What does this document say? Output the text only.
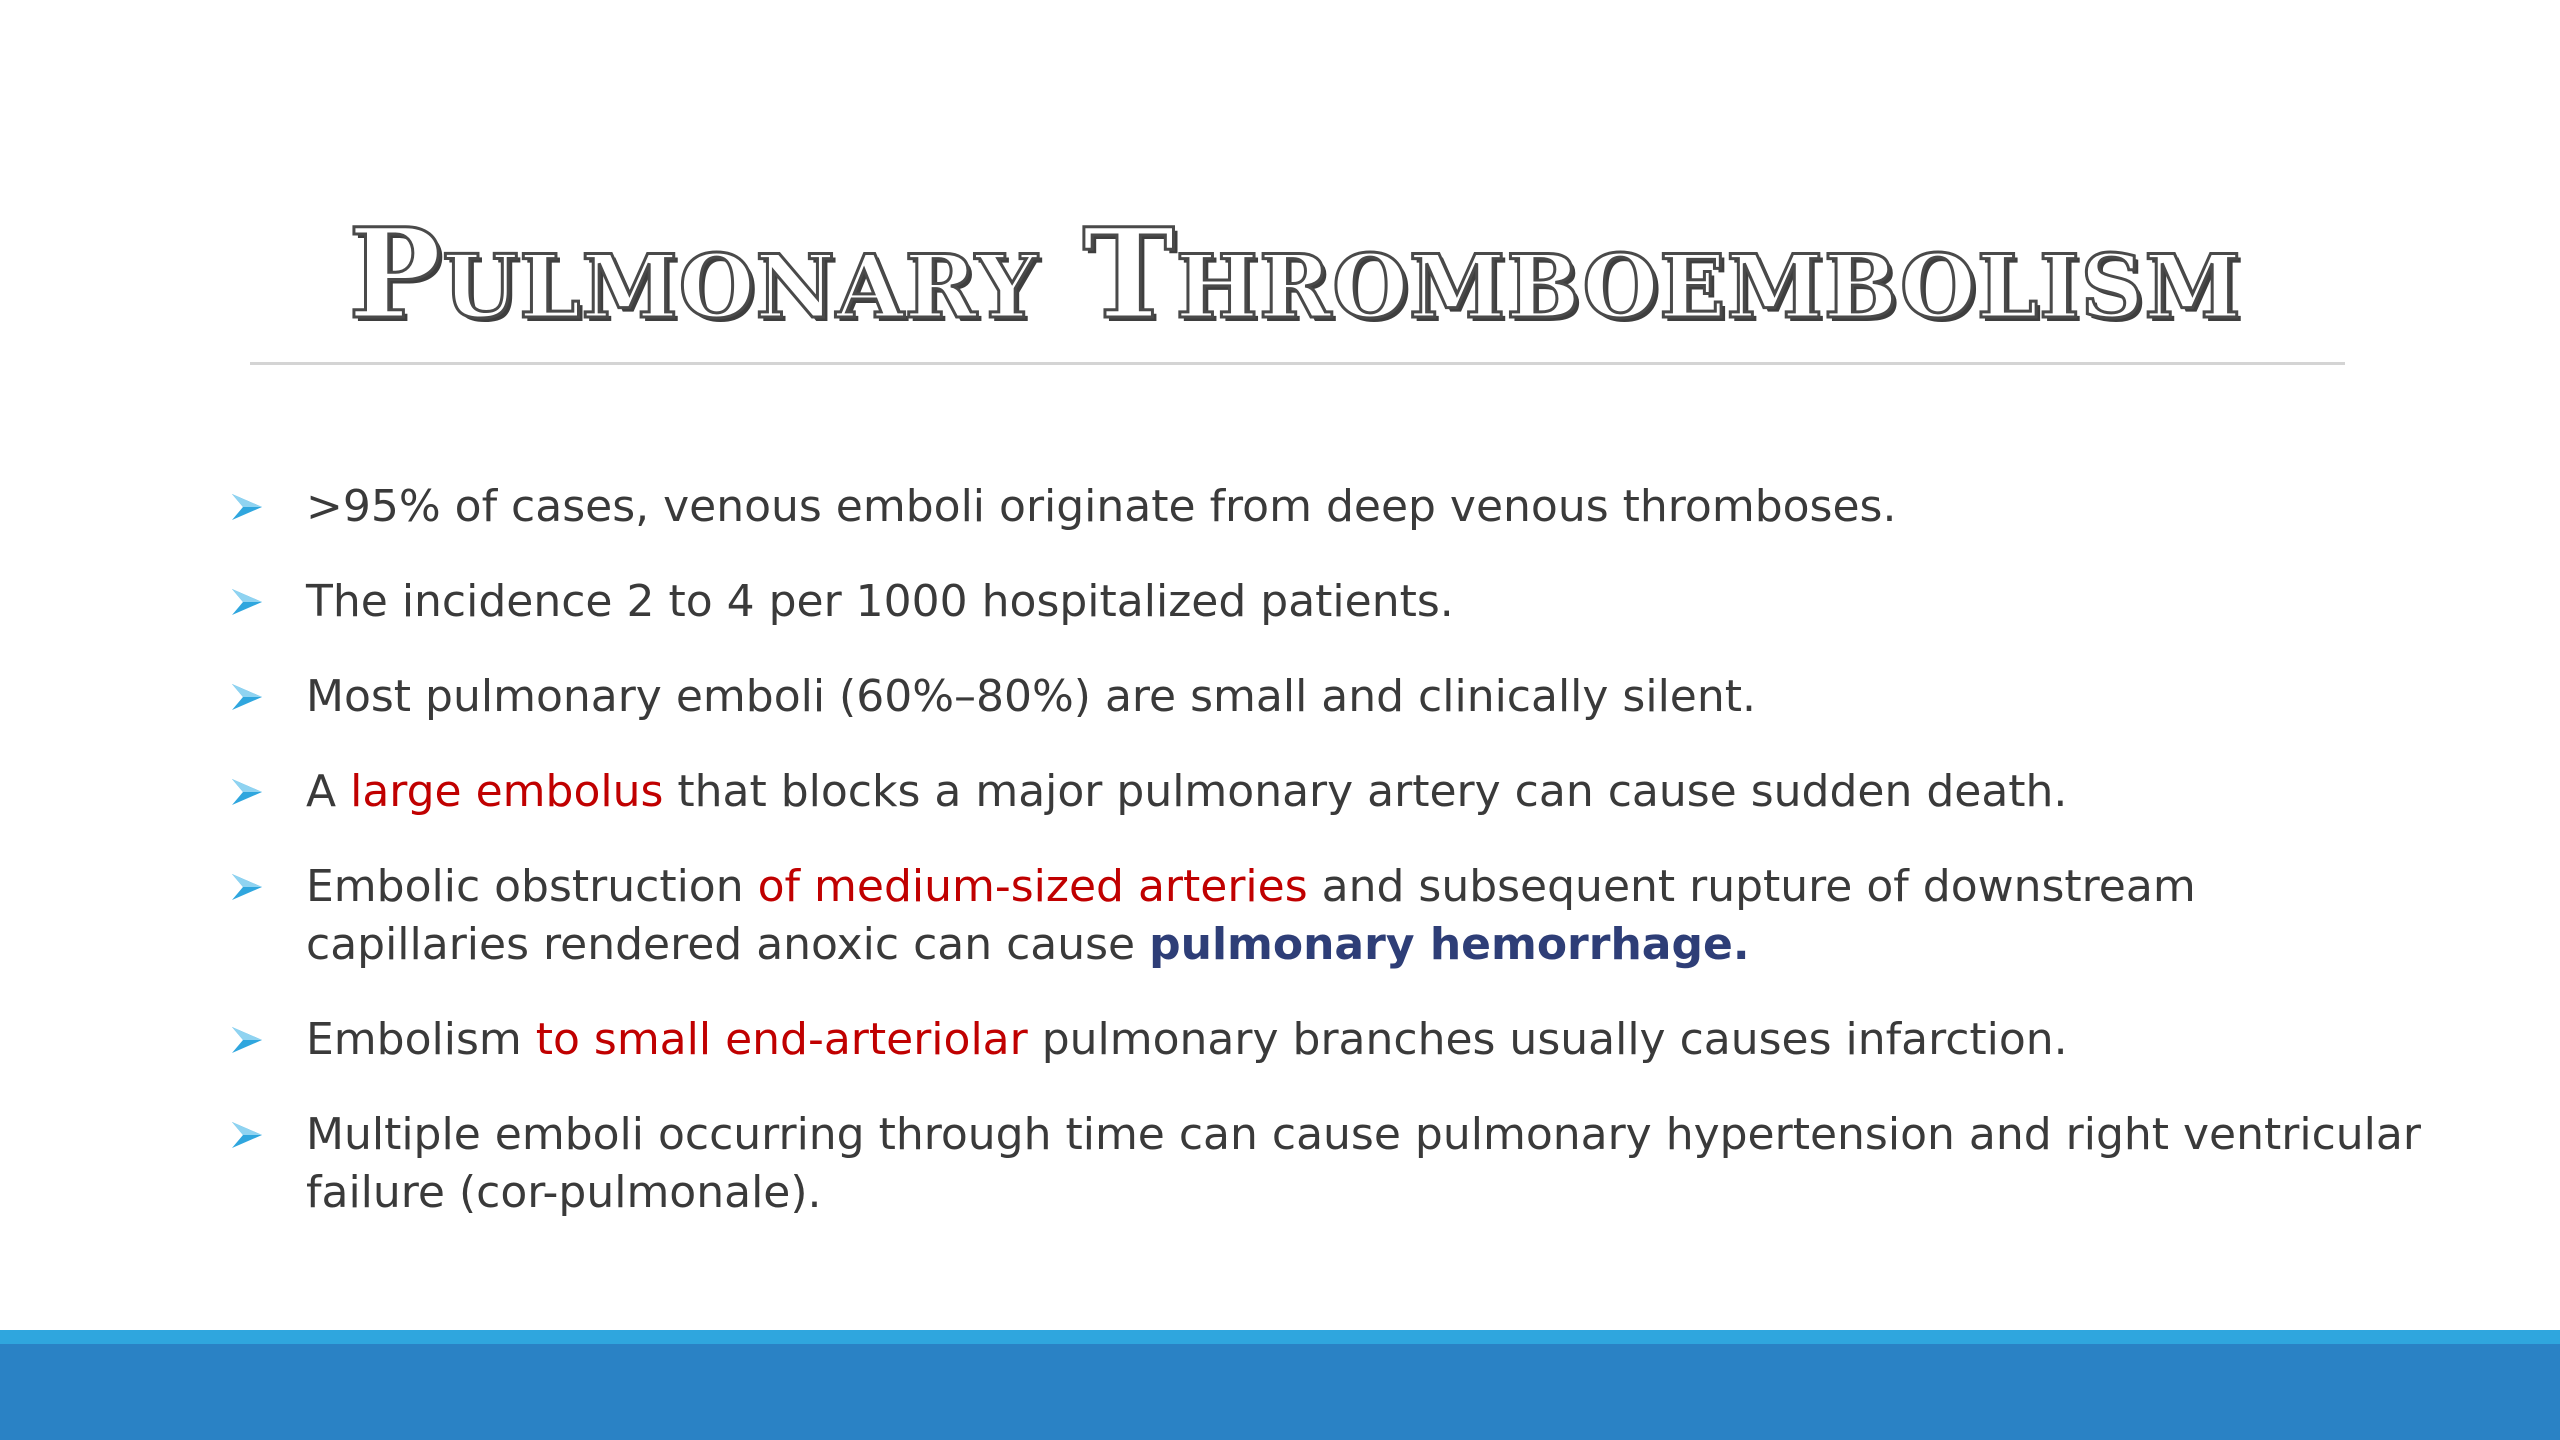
Pulmonary Thromboembolism
>95% of cases, venous emboli originate from deep venous thromboses.
The incidence 2 to 4 per 1000 hospitalized patients.
Most pulmonary emboli (60%–80%) are small and clinically silent.
A large embolus that blocks a major pulmonary artery can cause sudden death.
Embolic obstruction of medium-sized arteries and subsequent rupture of downstream capillaries rendered anoxic can cause pulmonary hemorrhage.
Embolism to small end-arteriolar pulmonary branches usually causes infarction.
Multiple emboli occurring through time can cause pulmonary hypertension and right ventricular failure (cor-pulmonale).
